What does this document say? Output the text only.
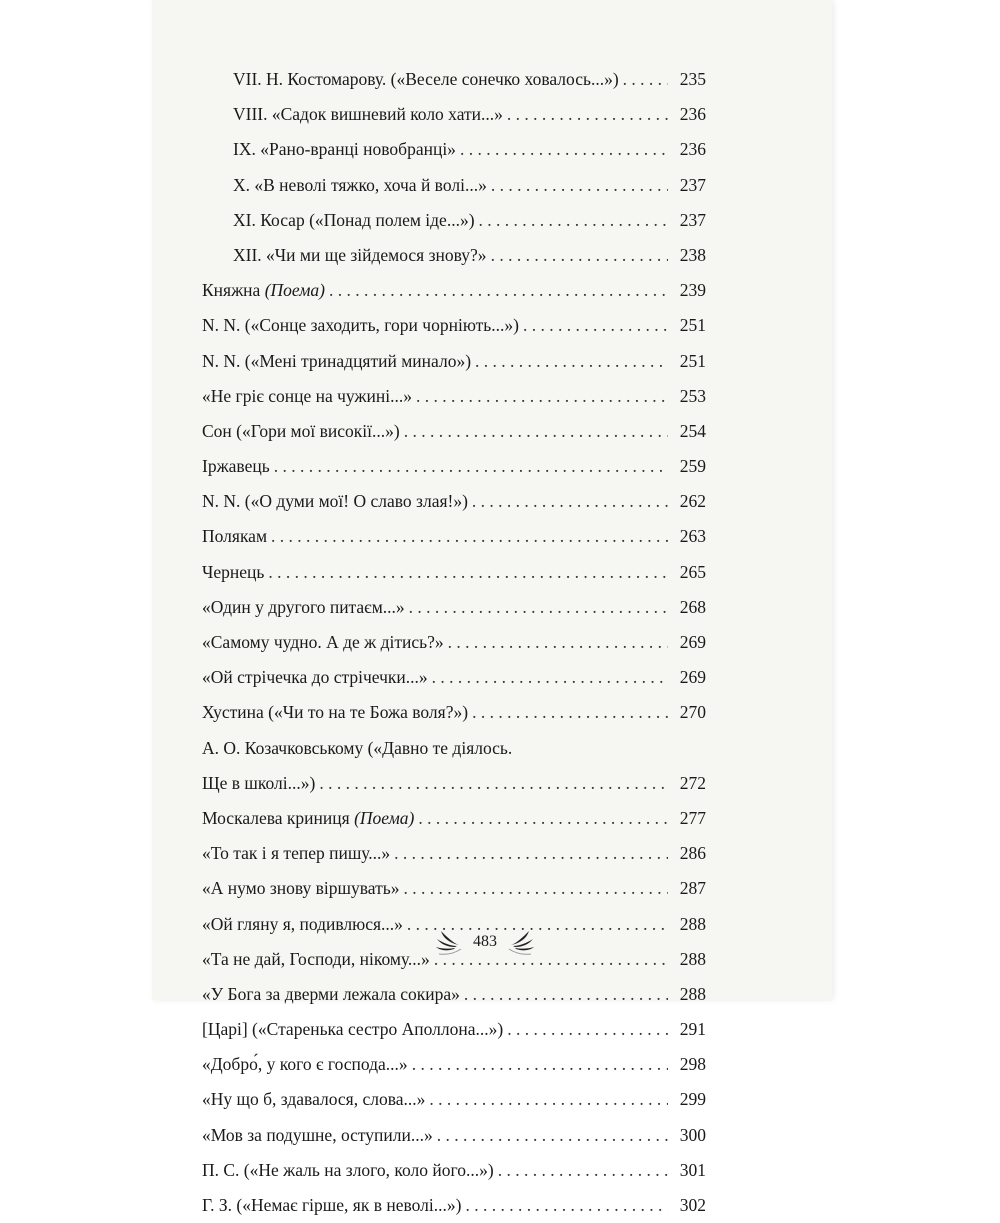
VII. Н. Костомарову. («Веселе сонечко ховалось...») . . .	235
VIII. «Садок вишневий коло хати...» . . .	236
IX. «Рано-вранці новобранці» . . .	236
X. «В неволі тяжко, хоча й волі...» . . .	237
XI. Косар («Понад полем іде...») . . .	237
XII. «Чи ми ще зійдемося знову?» . . .	238
Княжна (Поема) . . .	239
N. N. («Сонце заходить, гори чорніють...») . . .	251
N. N. («Мені тринадцятий минало») . . .	251
«Не гріє сонце на чужині...» . . .	253
Сон («Гори мої високії...») . . .	254
Іржавець . . .	259
N. N. («О думи мої! О славо злая!») . . .	262
Полякам . . .	263
Чернець . . .	265
«Один у другого питаєм...» . . .	268
«Самому чудно. А де ж дітись?» . . .	269
«Ой стрічечка до стрічечки...» . . .	269
Хустина («Чи то на те Божа воля?») . . .	270
А. О. Козачковському («Давно те діялось.
Ще в школі...») . . .	272
Москалева криниця (Поема) . . .	277
«То так і я тепер пишу...» . . .	286
«А нумо знову віршувать» . . .	287
«Ой гляну я, подивлюся...» . . .	288
«Та не дай, Господи, нікому...» . . .	288
«У Бога за дверми лежала сокира» . . .	288
[Царі] («Старенька сестро Аполлона...») . . .	291
«Добро́, у кого є господа...» . . .	298
«Ну що б, здавалося, слова...» . . .	299
«Мов за подушне, оступили...» . . .	300
П. С. («Не жаль на злого, коло його...») . . .	301
Г. З. («Немає гірше, як в неволі...») . . .	302
483
